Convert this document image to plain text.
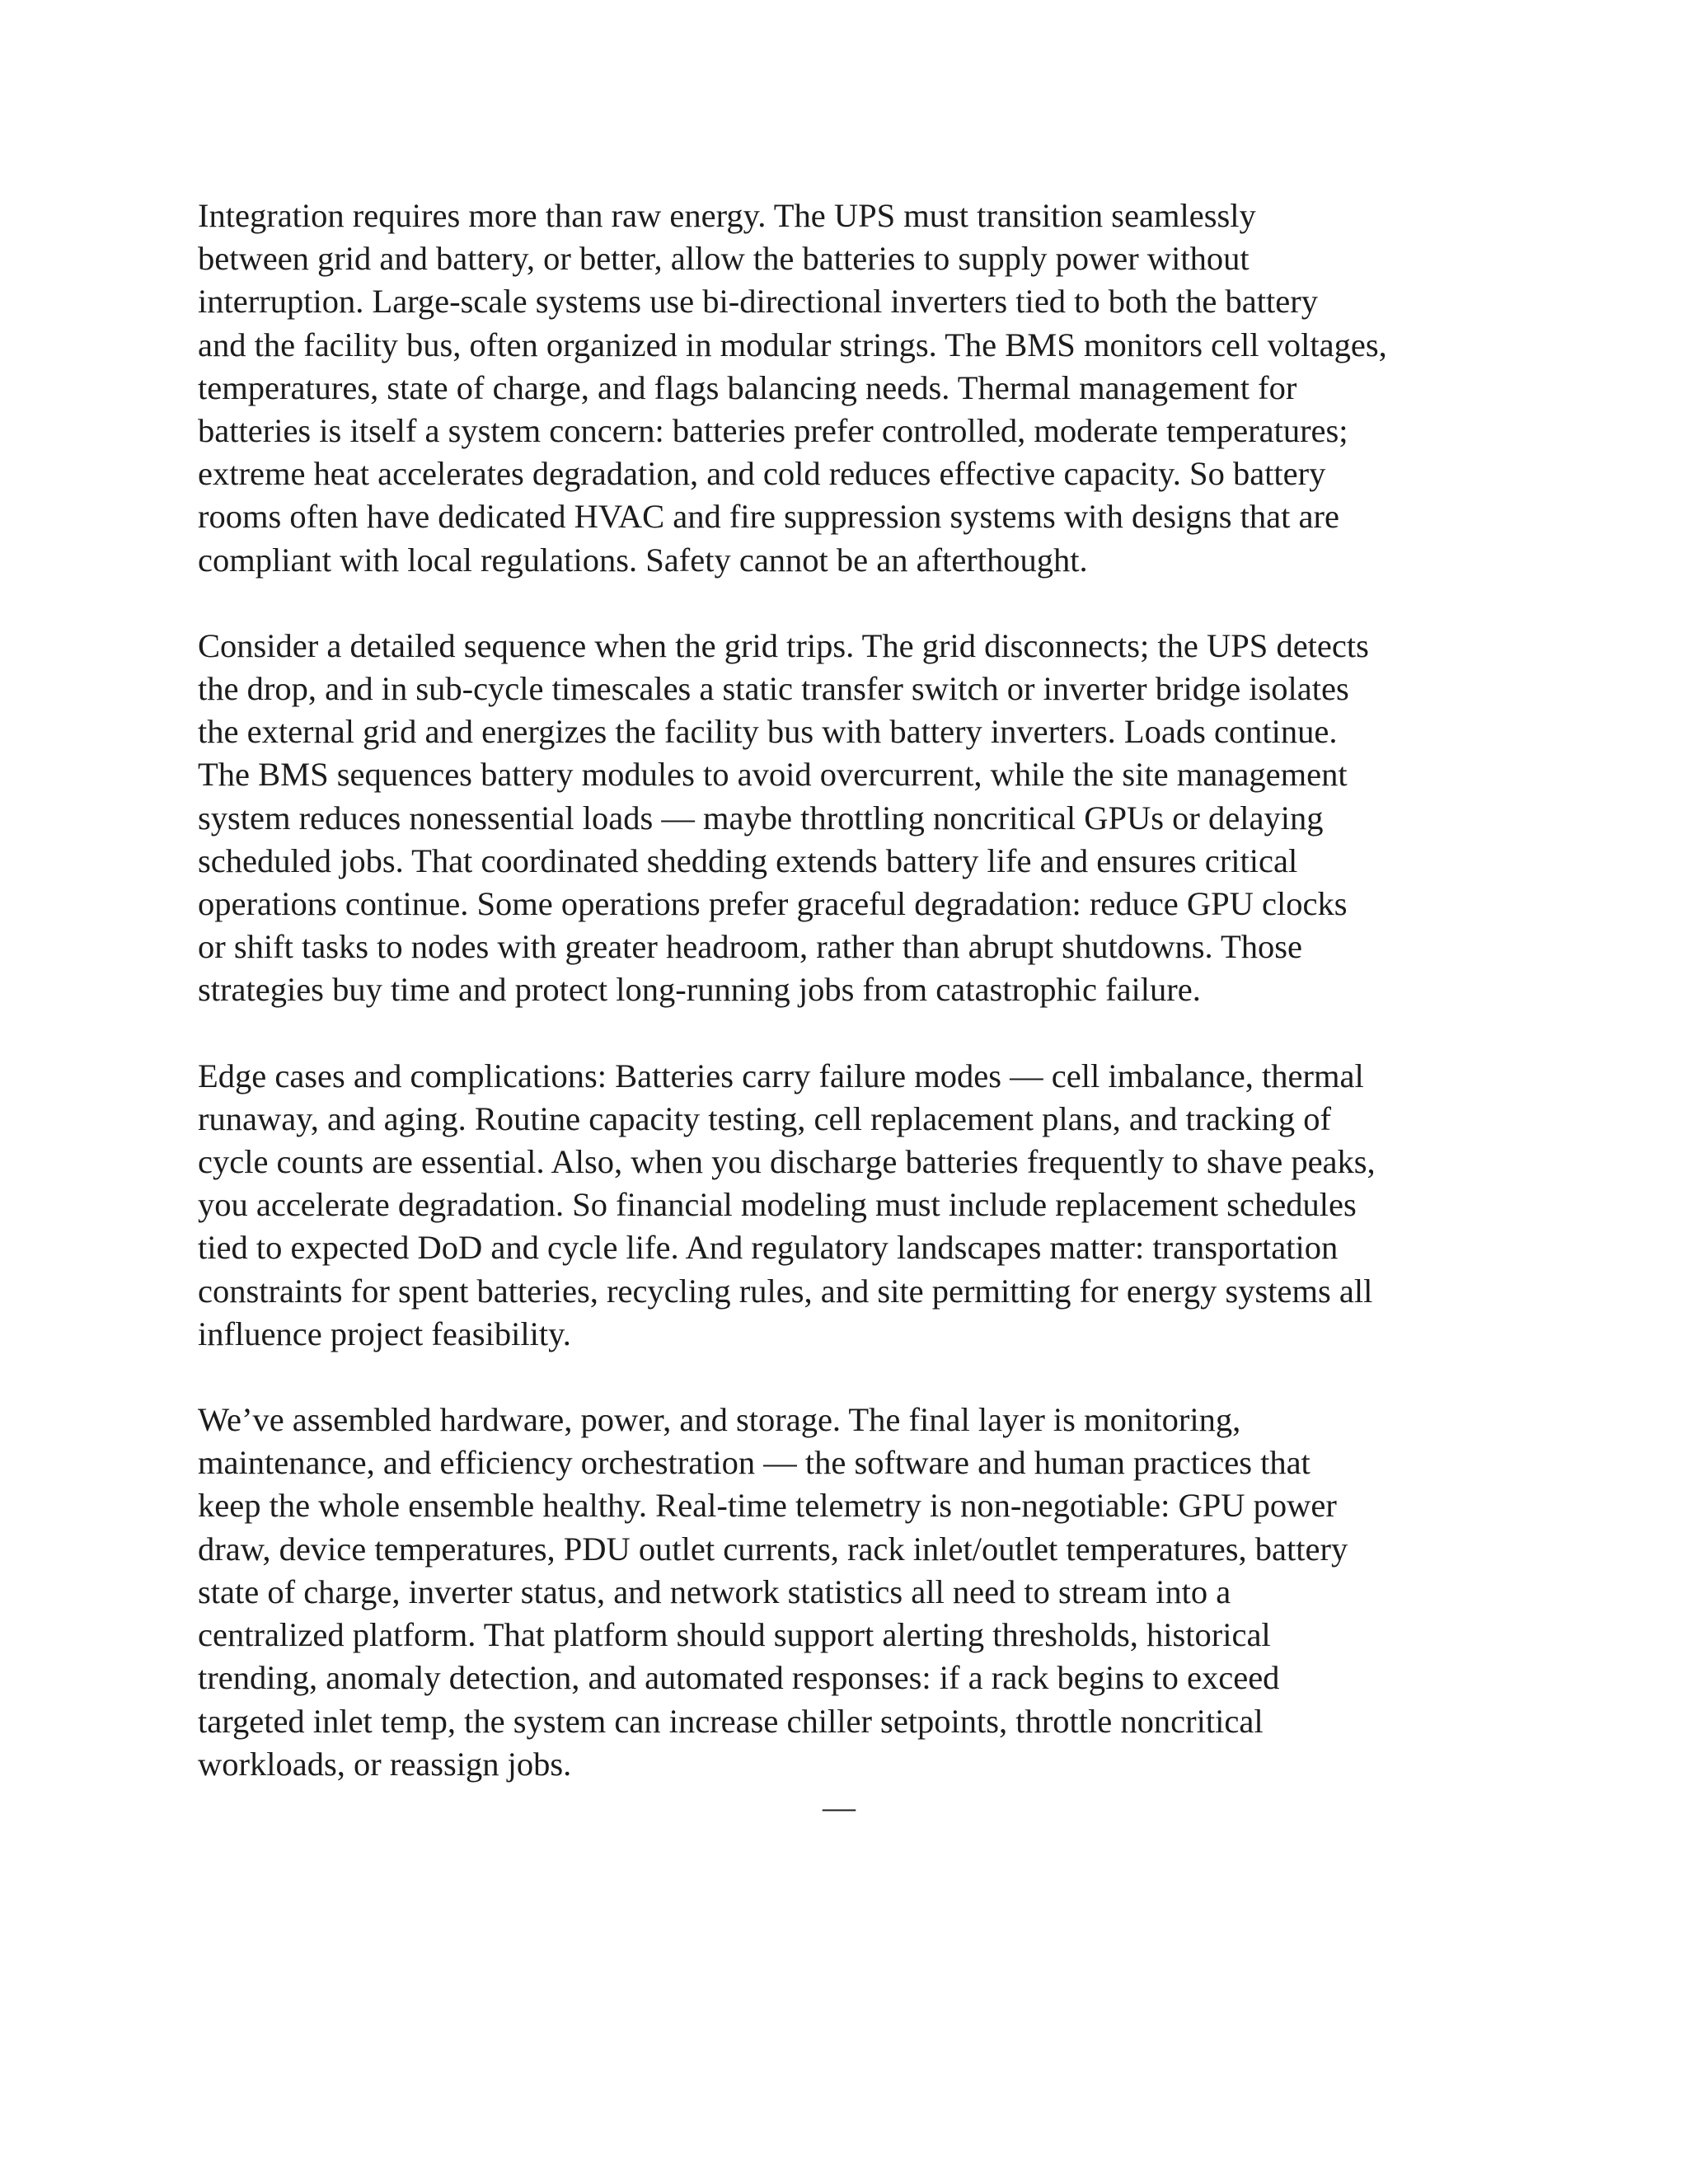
Integration requires more than raw energy. The UPS must transition seamlessly
between grid and battery, or better, allow the batteries to supply power without
interruption. Large-scale systems use bi-directional inverters tied to both the battery
and the facility bus, often organized in modular strings. The BMS monitors cell voltages,
temperatures, state of charge, and flags balancing needs. Thermal management for
batteries is itself a system concern: batteries prefer controlled, moderate temperatures;
extreme heat accelerates degradation, and cold reduces effective capacity. So battery
rooms often have dedicated HVAC and fire suppression systems with designs that are
compliant with local regulations. Safety cannot be an afterthought.

Consider a detailed sequence when the grid trips. The grid disconnects; the UPS detects
the drop, and in sub-cycle timescales a static transfer switch or inverter bridge isolates
the external grid and energizes the facility bus with battery inverters. Loads continue.
The BMS sequences battery modules to avoid overcurrent, while the site management
system reduces nonessential loads — maybe throttling noncritical GPUs or delaying
scheduled jobs. That coordinated shedding extends battery life and ensures critical
operations continue. Some operations prefer graceful degradation: reduce GPU clocks
or shift tasks to nodes with greater headroom, rather than abrupt shutdowns. Those
strategies buy time and protect long-running jobs from catastrophic failure.

Edge cases and complications: Batteries carry failure modes — cell imbalance, thermal
runaway, and aging. Routine capacity testing, cell replacement plans, and tracking of
cycle counts are essential. Also, when you discharge batteries frequently to shave peaks,
you accelerate degradation. So financial modeling must include replacement schedules
tied to expected DoD and cycle life. And regulatory landscapes matter: transportation
constraints for spent batteries, recycling rules, and site permitting for energy systems all
influence project feasibility.

We’ve assembled hardware, power, and storage. The final layer is monitoring,
maintenance, and efficiency orchestration — the software and human practices that
keep the whole ensemble healthy. Real-time telemetry is non-negotiable: GPU power
draw, device temperatures, PDU outlet currents, rack inlet/outlet temperatures, battery
state of charge, inverter status, and network statistics all need to stream into a
centralized platform. That platform should support alerting thresholds, historical
trending, anomaly detection, and automated responses: if a rack begins to exceed
targeted inlet temp, the system can increase chiller setpoints, throttle noncritical
workloads, or reassign jobs.

—
